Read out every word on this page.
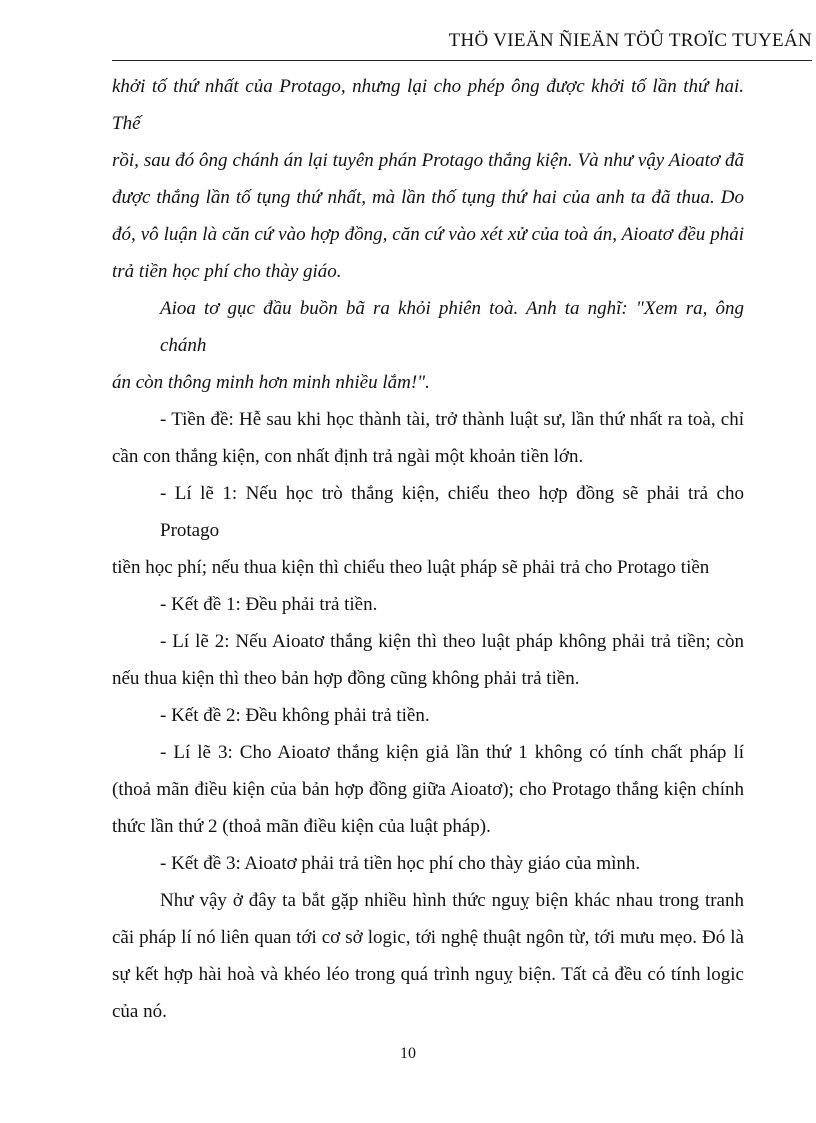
THÖ VIEÄN ÑIEÄN TÖÛ TROÏC TUYEÁN
khởi tố thứ nhất của Protago, nhưng lại cho phép ông được khởi tố lần thứ hai. Thế
rồi, sau đó ông chánh án lại tuyên phán Protago thắng kiện. Và như vậy Aioatơ đã
được thắng lần tố tụng thứ nhất, mà lần thố tụng thứ hai của anh ta đã thua. Do
đó, vô luận là căn cứ vào hợp đồng, căn cứ vào xét xử của toà án, Aioatơ đều phải
trả tiền học phí cho thày giáo.
Aioa tơ gục đầu buồn bã ra khỏi phiên toà. Anh ta nghĩ: "Xem ra, ông chánh
án còn thông minh hơn minh nhiều lắm!".
- Tiền đề: Hễ sau khi học thành tài, trở thành luật sư, lần thứ nhất ra toà, chỉ
cần con thắng kiện, con nhất định trả ngài một khoản tiền lớn.
- Lí lẽ 1: Nếu học trò thắng kiện, chiểu theo hợp đồng sẽ phải trả cho Protago
tiền học phí; nếu thua kiện thì chiểu theo luật pháp sẽ phải trả cho Protago tiền
- Kết đề 1: Đều phải trả tiền.
- Lí lẽ 2: Nếu Aioatơ thắng kiện thì theo luật pháp không phải trả tiền; còn
nếu thua kiện thì theo bản hợp đồng cũng không phải trả tiền.
- Kết đề 2: Đều không phải trả tiền.
- Lí lẽ 3: Cho Aioatơ thắng kiện giả lần thứ 1 không có tính chất pháp lí
(thoả mãn điều kiện của bản hợp đồng giữa Aioatơ); cho Protago thắng kiện chính
thức lần thứ 2 (thoả mãn điều kiện của luật pháp).
- Kết đề 3: Aioatơ phải trả tiền học phí cho thày giáo của mình.
Như vậy ở đây ta bắt gặp nhiều hình thức nguỵ biện khác nhau trong tranh
cãi pháp lí nó liên quan tới cơ sở logic, tới nghệ thuật ngôn từ, tới mưu mẹo. Đó là
sự kết hợp hài hoà và khéo léo trong quá trình nguỵ biện. Tất cả đều có tính logic
của nó.
10
